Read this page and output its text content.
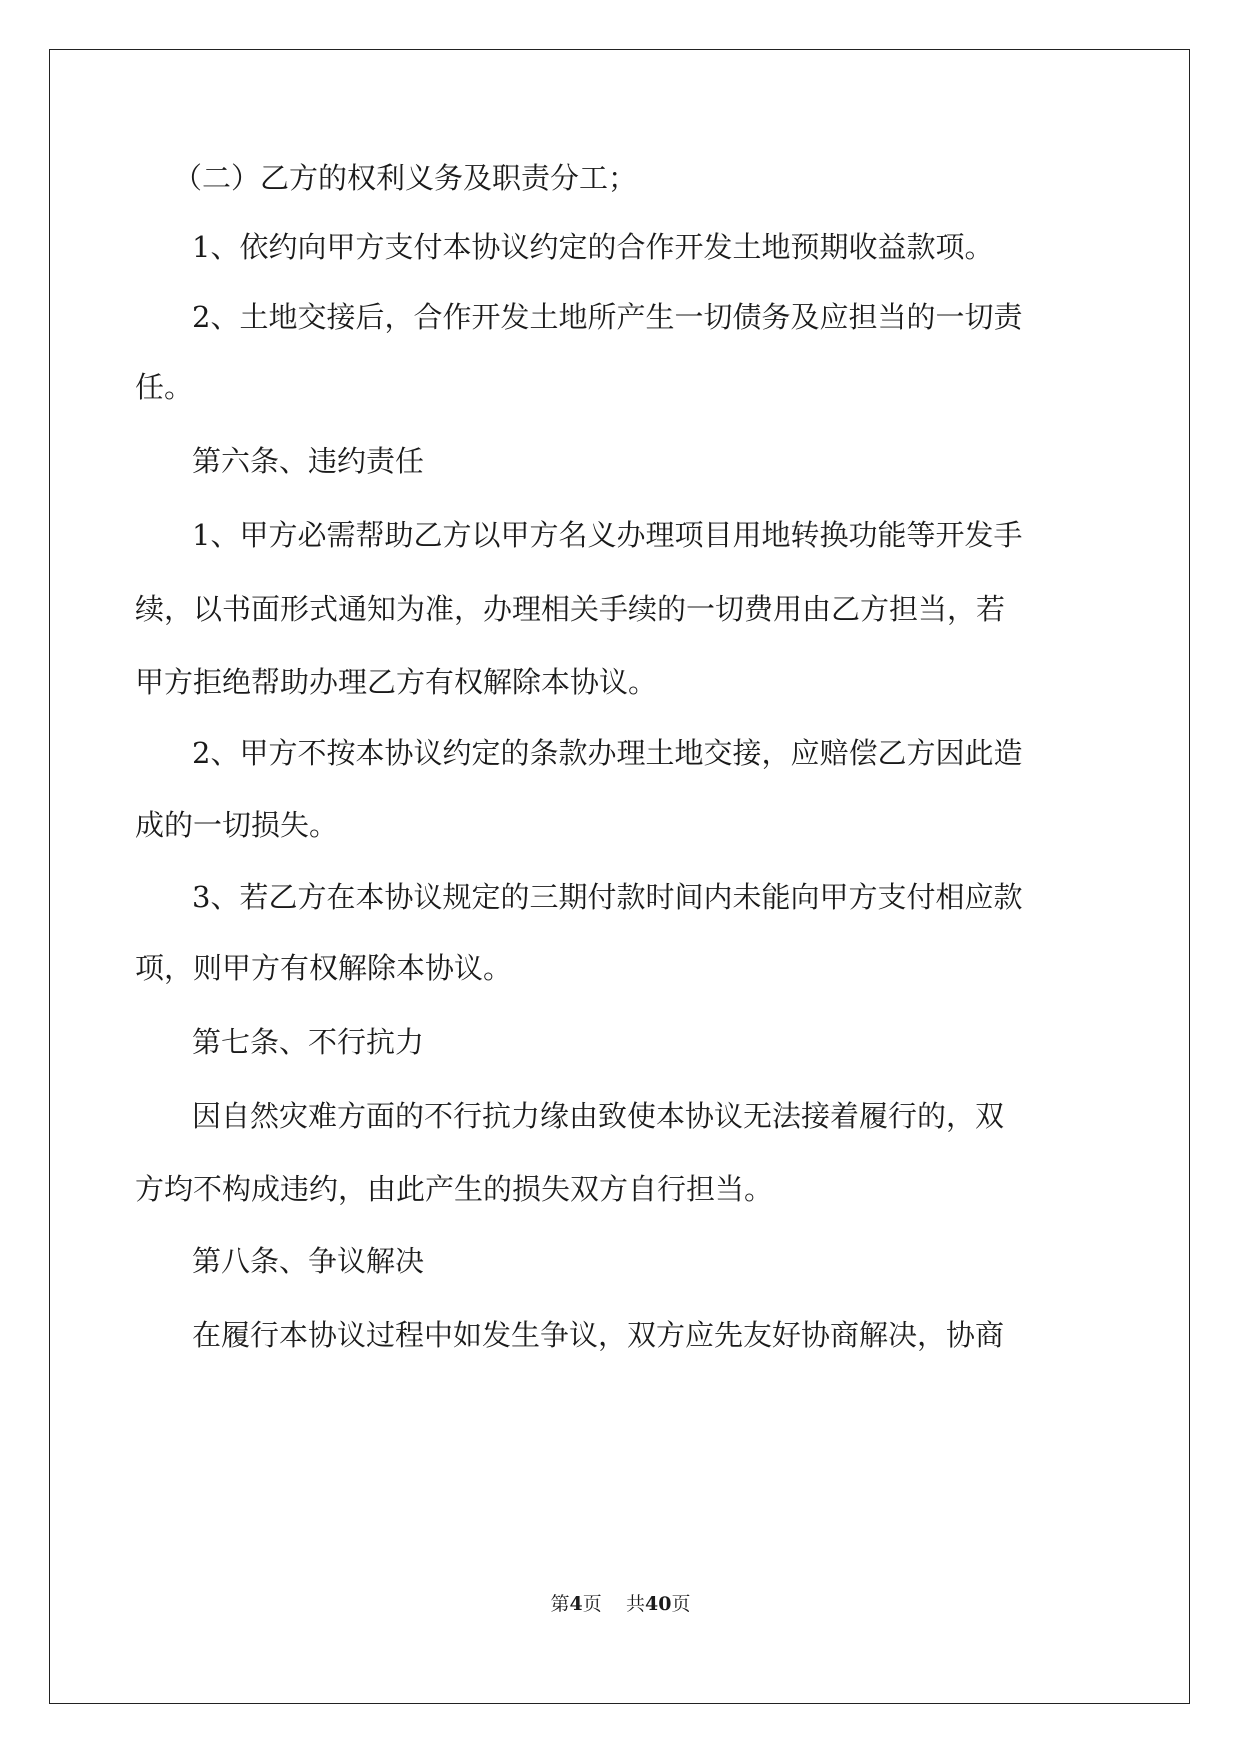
（二）乙方的权利义务及职责分工；

1、依约向甲方支付本协议约定的合作开发土地预期收益款项。

2、土地交接后，合作开发土地所产生一切债务及应担当的一切责

任。

第六条、违约责任

1、甲方必需帮助乙方以甲方名义办理项目用地转换功能等开发手

续，以书面形式通知为准，办理相关手续的一切费用由乙方担当，若

甲方拒绝帮助办理乙方有权解除本协议。

2、甲方不按本协议约定的条款办理土地交接，应赔偿乙方因此造

成的一切损失。

3、若乙方在本协议规定的三期付款时间内未能向甲方支付相应款

项，则甲方有权解除本协议。

第七条、不行抗力

因自然灾难方面的不行抗力缘由致使本协议无法接着履行的，双

方均不构成违约，由此产生的损失双方自行担当。

第八条、争议解决

在履行本协议过程中如发生争议，双方应先友好协商解决，协商

第4页 共40页
